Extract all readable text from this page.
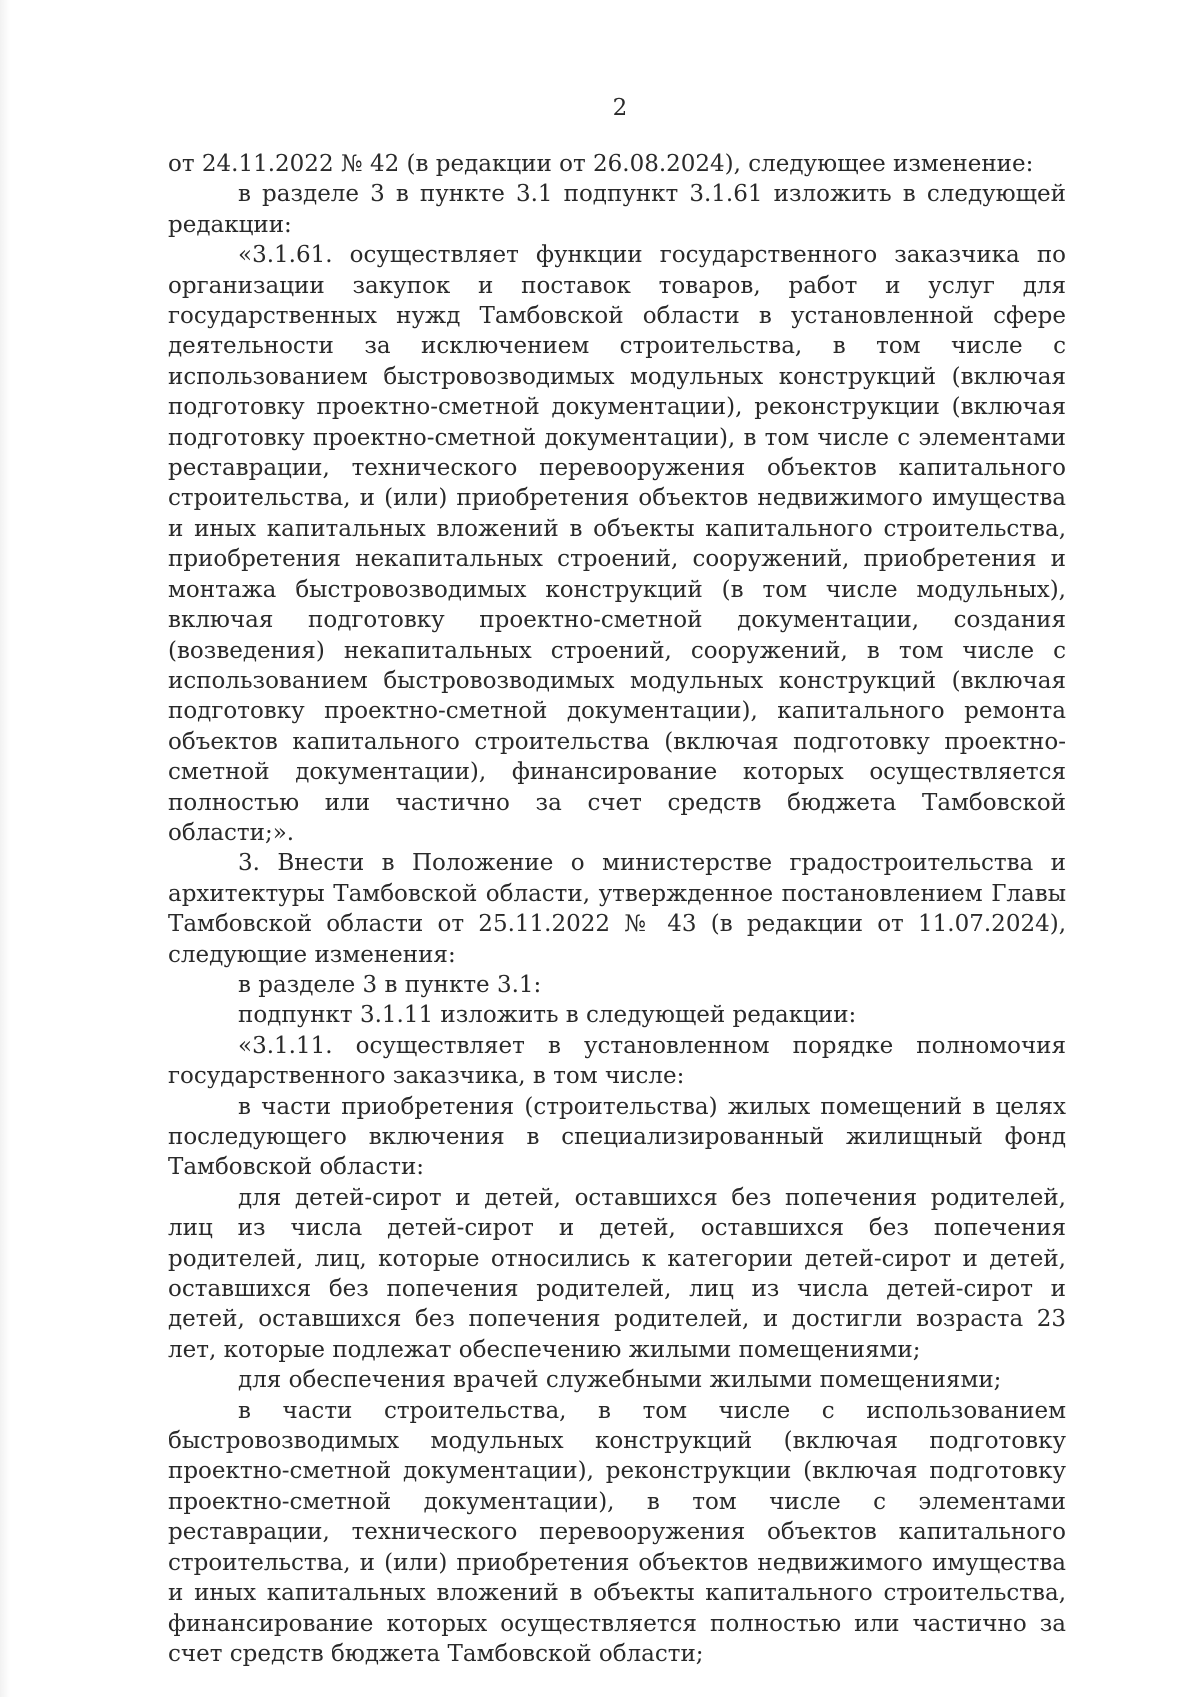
2

от 24.11.2022 № 42 (в редакции от 26.08.2024), следующее изменение:

в разделе 3 в пункте 3.1 подпункт 3.1.61 изложить в следующей редакции:

«3.1.61. осуществляет функции государственного заказчика по организации закупок и поставок товаров, работ и услуг для государственных нужд Тамбовской области в установленной сфере деятельности за исключением строительства, в том числе с использованием быстровозводимых модульных конструкций (включая подготовку проектно-сметной документации), реконструкции (включая подготовку проектно-сметной документации), в том числе с элементами реставрации, технического перевооружения объектов капитального строительства, и (или) приобретения объектов недвижимого имущества и иных капитальных вложений в объекты капитального строительства, приобретения некапитальных строений, сооружений, приобретения и монтажа быстровозводимых конструкций (в том числе модульных), включая подготовку проектно-сметной документации, создания (возведения) некапитальных строений, сооружений, в том числе с использованием быстровозводимых модульных конструкций (включая подготовку проектно-сметной документации), капитального ремонта объектов капитального строительства (включая подготовку проектно-сметной документации), финансирование которых осуществляется полностью или частично за счет средств бюджета Тамбовской области;».

3. Внести в Положение о министерстве градостроительства и архитектуры Тамбовской области, утвержденное постановлением Главы Тамбовской области от 25.11.2022 № 43 (в редакции от 11.07.2024), следующие изменения:

в разделе 3 в пункте 3.1:

подпункт 3.1.11 изложить в следующей редакции:

«3.1.11. осуществляет в установленном порядке полномочия государственного заказчика, в том числе:

в части приобретения (строительства) жилых помещений в целях последующего включения в специализированный жилищный фонд Тамбовской области:

для детей-сирот и детей, оставшихся без попечения родителей, лиц из числа детей-сирот и детей, оставшихся без попечения родителей, лиц, которые относились к категории детей-сирот и детей, оставшихся без попечения родителей, лиц из числа детей-сирот и детей, оставшихся без попечения родителей, и достигли возраста 23 лет, которые подлежат обеспечению жилыми помещениями;

для обеспечения врачей служебными жилыми помещениями;

в части строительства, в том числе с использованием быстровозводимых модульных конструкций (включая подготовку проектно-сметной документации), реконструкции (включая подготовку проектно-сметной документации), в том числе с элементами реставрации, технического перевооружения объектов капитального строительства, и (или) приобретения объектов недвижимого имущества и иных капитальных вложений в объекты капитального строительства, финансирование которых осуществляется полностью или частично за счет средств бюджета Тамбовской области;
